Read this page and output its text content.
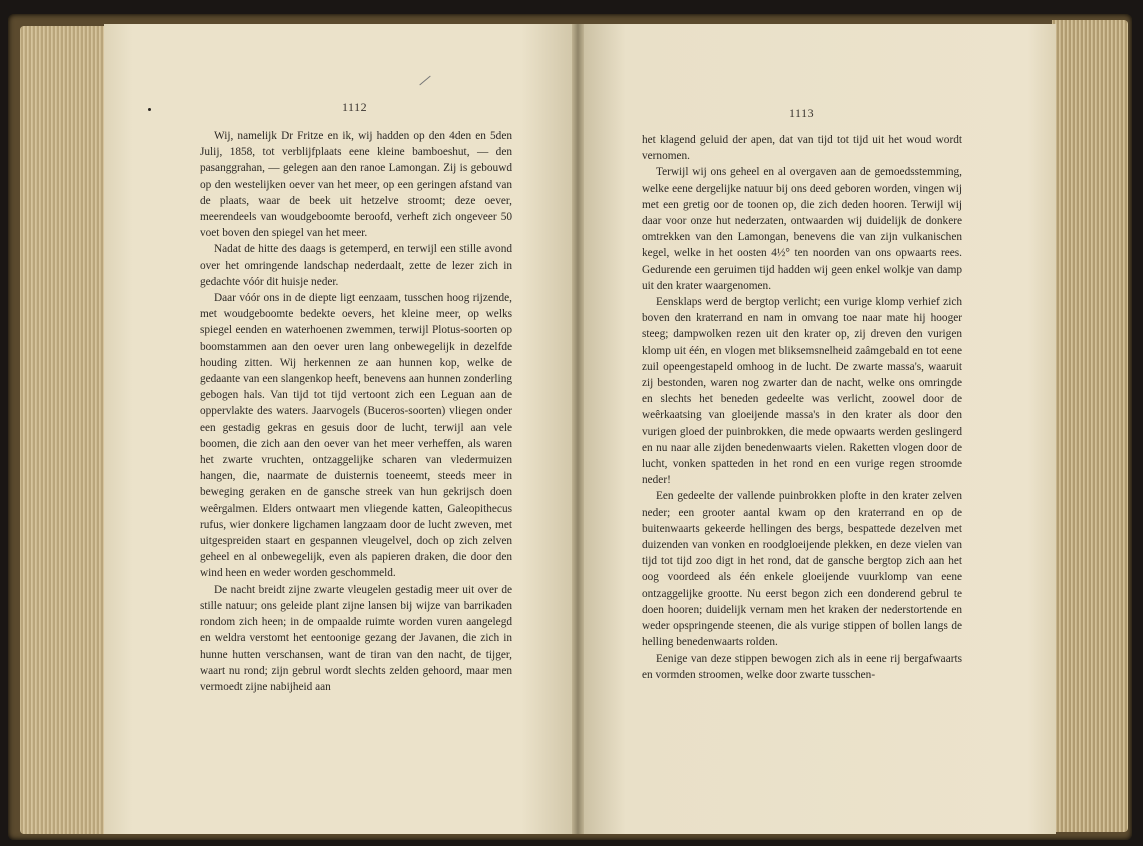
1112	1113

Wij, namelijk Dr Fritze en ik, wij hadden op den 4den en 5den Julij, 1858, tot verblijfplaats eene kleine bamboeshut, — den pasanggrahan, — gelegen aan den ranoe Lamongan. Zij is gebouwd op den westelijken oever van het meer, op een geringen afstand van de plaats, waar de beek uit hetzelve stroomt; deze oever, meerendeels van woudgeboomte beroofd, verheft zich ongeveer 50 voet boven den spiegel van het meer.

Nadat de hitte des daags is getemperd, en terwijl een stille avond over het omringende landschap nederdaalt, zette de lezer zich in gedachte vóór dit huisje neder.

Daar vóór ons in de diepte ligt eenzaam, tusschen hoog rijzende, met woudgeboomte bedekte oevers, het kleine meer, op welks spiegel eenden en waterhoenen zwemmen, terwijl Plotus-soorten op boomstammen aan den oever uren lang onbewegelijk in dezelfde houding zitten. Wij herkennen ze aan hunnen kop, welke de gedaante van een slangenkop heeft, benevens aan hunnen zonderling gebogen hals. Van tijd tot tijd vertoont zich een Leguan aan de oppervlakte des waters. Jaarvogels (Buceros-soorten) vliegen onder een gestadig gekras en gesuis door de lucht, terwijl aan vele boomen, die zich aan den oever van het meer verheffen, als waren het zwarte vruchten, ontzaggelijke scharen van vledermuizen hangen, die, naarmate de duisternis toeneemt, steeds meer in beweging geraken en de gansche streek van hun gekrijsch doen weêrgalmen. Elders ontwaart men vliegende katten, Galeopithecus rufus, wier donkere ligchamen langzaam door de lucht zweven, met uitgespreiden staart en gespannen vleugelvel, doch op zich zelven geheel en al onbewegelijk, even als papieren draken, die door den wind heen en weder worden geschommeld.

De nacht breidt zijne zwarte vleugelen gestadig meer uit over de stille natuur; ons geleide plant zijne lansen bij wijze van barrikaden rondom zich heen; in de ompaalde ruimte worden vuren aangelegd en weldra verstomt het eentoonige gezang der Javanen, die zich in hunne hutten verschansen, want de tiran van den nacht, de tijger, waart nu rond; zijn gebrul wordt slechts zelden gehoord, maar men vermoedt zijne nabijheid aan

het klagend geluid der apen, dat van tijd tot tijd uit het woud wordt vernomen.

Terwijl wij ons geheel en al overgaven aan de gemoedsstemming, welke eene dergelijke natuur bij ons deed geboren worden, vingen wij met een gretig oor de toonen op, die zich deden hooren. Terwijl wij daar voor onze hut nederzaten, ontwaarden wij duidelijk de donkere omtrekken van den Lamongan, benevens die van zijn vulkanischen kegel, welke in het oosten 4½° ten noorden van ons opwaarts rees. Gedurende een geruimen tijd hadden wij geen enkel wolkje van damp uit den krater waargenomen.

Eensklaps werd de bergtop verlicht; een vurige klomp verhief zich boven den kraterrand en nam in omvang toe naar mate hij hooger steeg; dampwolken rezen uit den krater op, zij dreven den vurigen klomp uit één, en vlogen met bliksemsnelheid zaâmgebald en tot eene zuil opeengestapeld omhoog in de lucht. De zwarte massa's, waaruit zij bestonden, waren nog zwarter dan de nacht, welke ons omringde en slechts het beneden gedeelte was verlicht, zoowel door de weêrkaatsing van gloeijende massa's in den krater als door den vurigen gloed der puinbrokken, die mede opwaarts werden geslingerd en nu naar alle zijden benedenwaarts vielen. Raketten vlogen door de lucht, vonken spatteden in het rond en een vurige regen stroomde neder!

Een gedeelte der vallende puinbrokken plofte in den krater zelven neder; een grooter aantal kwam op den kraterrand en op de buitenwaarts gekeerde hellingen des bergs, bespattede dezelven met duizenden van vonken en roodgloeijende plekken, en deze vielen van tijd tot tijd zoo digt in het rond, dat de gansche bergtop zich aan het oog voordeed als één enkele gloeijende vuurklomp van eene ontzaggelijke grootte. Nu eerst begon zich een donderend gebrul te doen hooren; duidelijk vernam men het kraken der nederstortende en weder opspringende steenen, die als vurige stippen of bollen langs de helling benedenwaarts rolden.

Eenige van deze stippen bewogen zich als in eene rij bergafwaarts en vormden stroomen, welke door zwarte tusschen-
